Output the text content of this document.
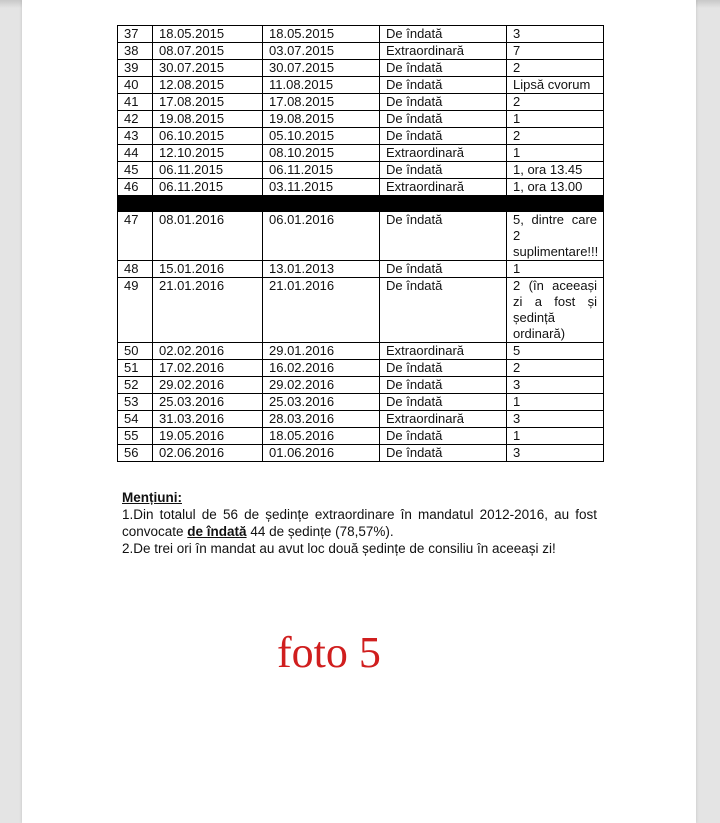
37	18.05.2015	18.05.2015	De îndată	3
38	08.07.2015	03.07.2015	Extraordinară	7
39	30.07.2015	30.07.2015	De îndată	2
40	12.08.2015	11.08.2015	De îndată	Lipsă cvorum
41	17.08.2015	17.08.2015	De îndată	2
42	19.08.2015	19.08.2015	De îndată	1
43	06.10.2015	05.10.2015	De îndată	2
44	12.10.2015	08.10.2015	Extraordinară	1
45	06.11.2015	06.11.2015	De îndată	1, ora 13.45
46	06.11.2015	03.11.2015	Extraordinară	1, ora 13.00

47	08.01.2016	06.01.2016	De îndată	5, dintre care 2 suplimentare!!!
48	15.01.2016	13.01.2013	De îndată	1
49	21.01.2016	21.01.2016	De îndată	2 (în aceeași zi a fost și ședință ordinară)
50	02.02.2016	29.01.2016	Extraordinară	5
51	17.02.2016	16.02.2016	De îndată	2
52	29.02.2016	29.02.2016	De îndată	3
53	25.03.2016	25.03.2016	De îndată	1
54	31.03.2016	28.03.2016	Extraordinară	3
55	19.05.2016	18.05.2016	De îndată	1
56	02.06.2016	01.06.2016	De îndată	3
Mențiuni:

1.Din totalul de 56 de ședințe extraordinare în mandatul 2012-2016, au fost convocate de îndată 44 de ședințe (78,57%).

2.De trei ori în mandat au avut loc două ședințe de consiliu în aceeași zi!

foto 5
